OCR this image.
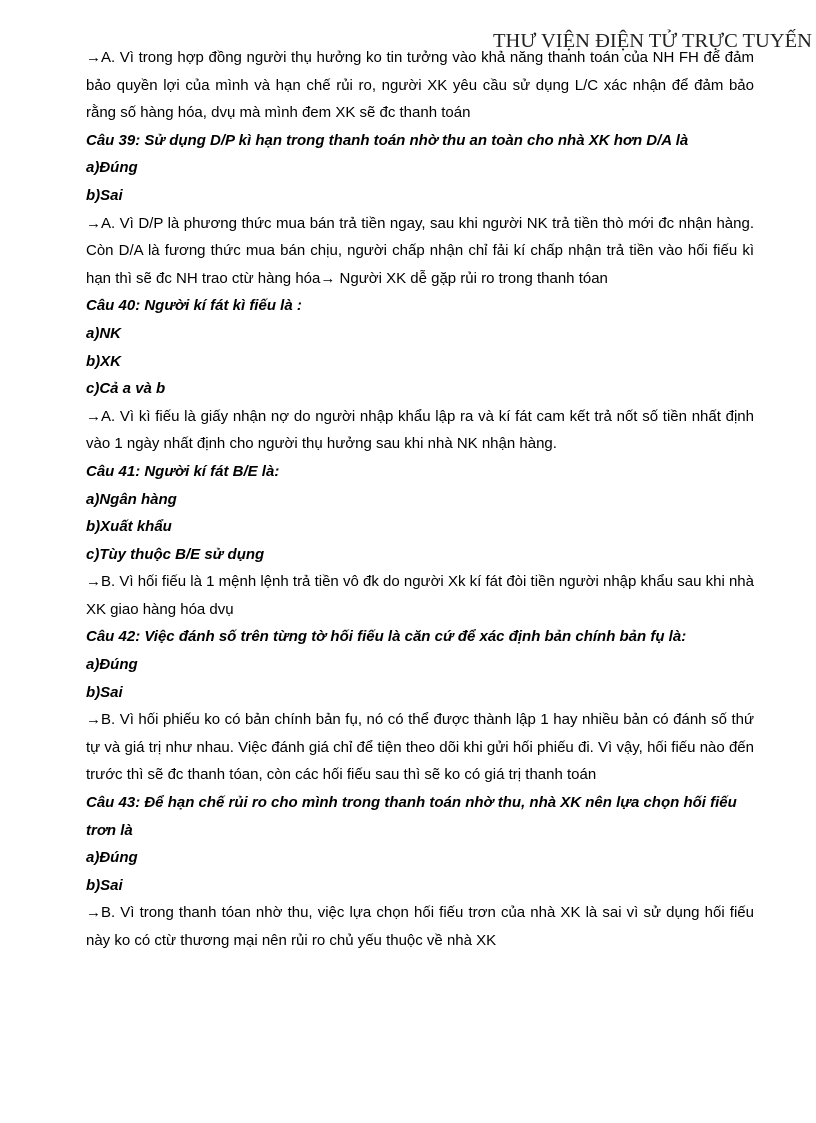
THƯ VIỆN ĐIỆN TỬ TRỰC TUYẾN

→A. Vì trong hợp đồng người thụ hưởng ko tin tưởng vào khả năng thanh toán của NH FH để đảm bảo quyền lợi của mình và hạn chế rủi ro, người XK yêu cầu sử dụng L/C xác nhận để đảm bảo rằng số hàng hóa, dvụ mà mình đem XK sẽ đc thanh toán

Câu 39: Sử dụng D/P kì hạn trong thanh toán nhờ thu an toàn cho nhà XK hơn D/A là

a)Đúng

b)Sai

→A. Vì D/P là phương thức mua bán trả tiền ngay, sau khi người NK trả tiền thò mới đc nhận hàng. Còn D/A là fương thức mua bán chịu, người chấp nhận chỉ fải kí chấp nhận trả tiền vào hối fiếu kì hạn thì sẽ đc NH trao ctừ hàng hóa→ Người XK dễ gặp rủi ro trong thanh tóan

Câu 40: Người kí fát kì fiếu là :

a)NK

b)XK

c)Cả a và b

→A. Vì kì fiếu là giấy nhận nợ do người nhập khẩu lập ra và kí fát cam kết trả nốt số tiền nhất định vào 1 ngày nhất định cho người thụ hưởng sau khi nhà NK nhận hàng.

Câu 41: Người kí fát B/E là:

a)Ngân hàng

b)Xuất khẩu

c)Tùy thuộc B/E sử dụng

→B. Vì hối fiếu là 1 mệnh lệnh trả tiền vô đk do người Xk kí fát đòi tiền người nhập khẩu sau khi nhà XK giao hàng hóa dvụ

Câu 42: Việc đánh số trên từng tờ hối fiếu là căn cứ để xác định bản chính bản fụ là:

a)Đúng

b)Sai

→B. Vì hối phiếu ko có bản chính bản fụ, nó có thể được thành lập 1 hay nhiều bản có đánh số thứ tự và giá trị như nhau. Việc đánh giá chỉ để tiện theo dõi khi gửi hối phiếu đi. Vì vậy, hối fiếu nào đến trước thì sẽ đc thanh tóan, còn các hối fiếu sau thì sẽ ko có giá trị thanh toán

Câu 43: Để hạn chế rủi ro cho mình trong thanh toán nhờ thu, nhà XK nên lựa chọn hối fiếu trơn là

a)Đúng

b)Sai

→B. Vì trong thanh tóan nhờ thu, việc lựa chọn hối fiếu trơn của nhà XK là sai vì sử dụng hối fiếu này ko có ctừ thương mại nên rủi ro chủ yếu thuộc về nhà XK
